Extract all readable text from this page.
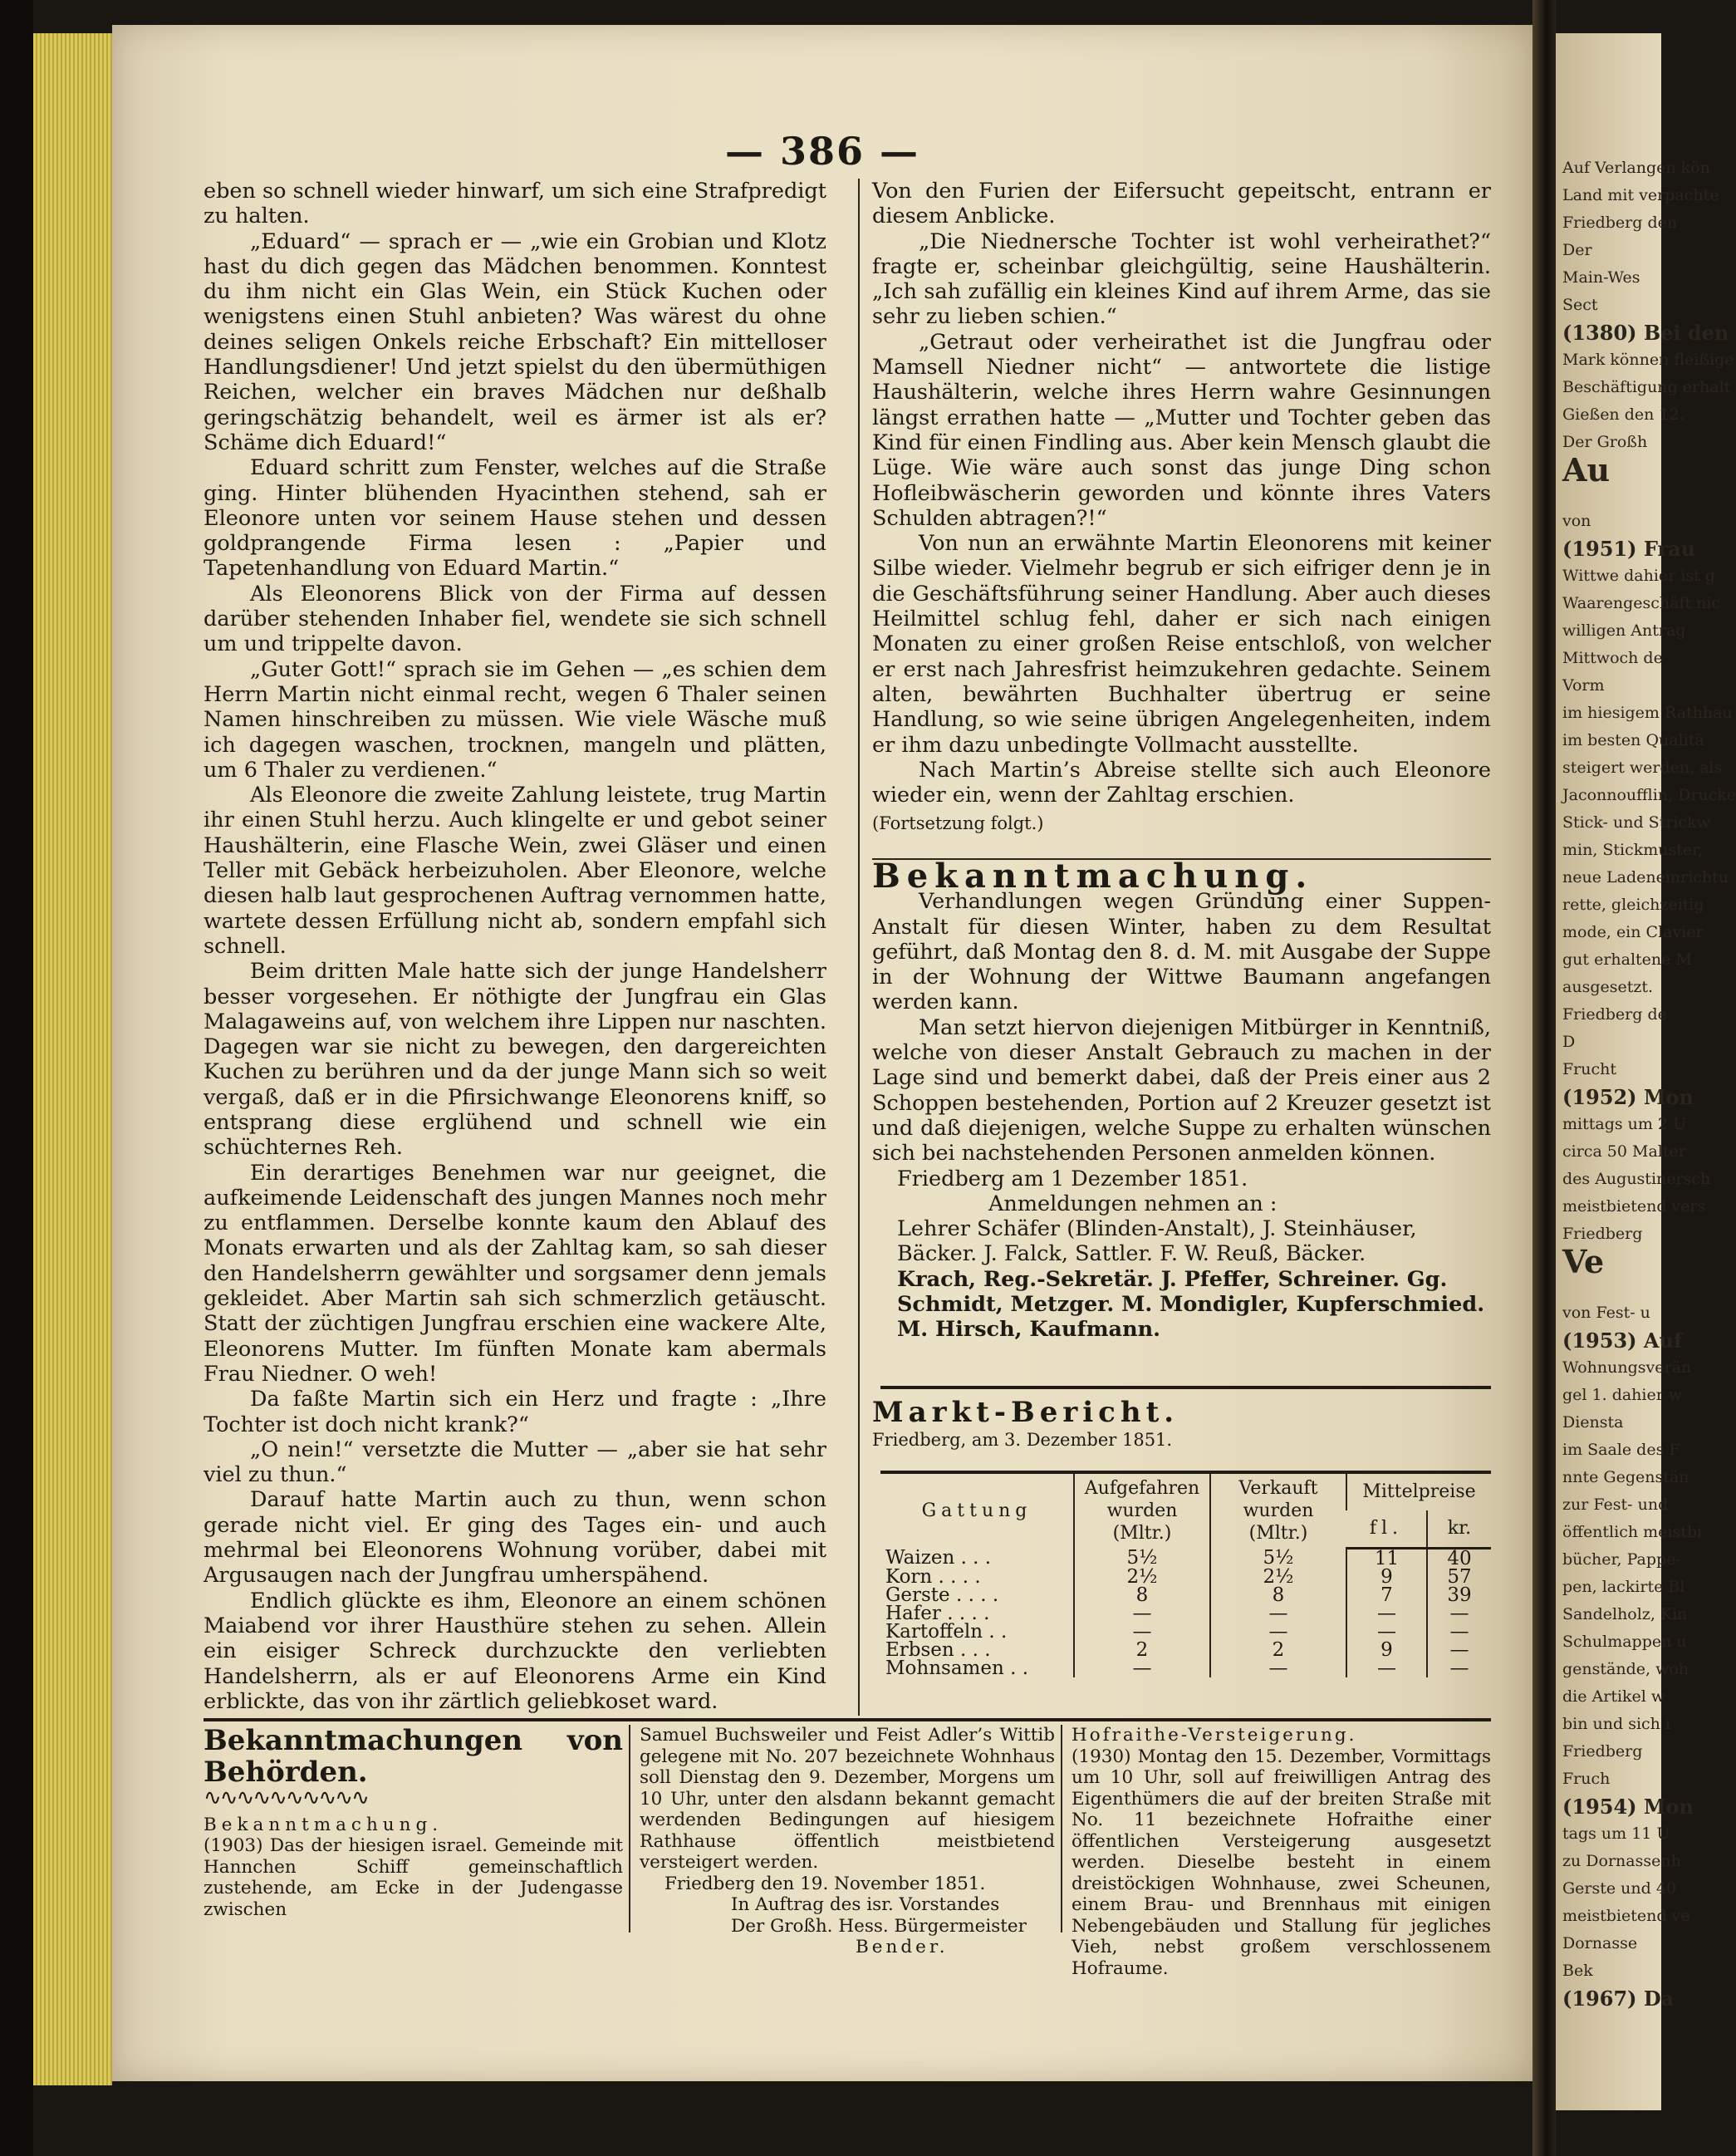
— 386 —

eben so schnell wieder hinwarf, um sich eine Strafpredigt zu halten.

„Eduard“ — sprach er — „wie ein Grobian und Klotz hast du dich gegen das Mädchen benommen. Konntest du ihm nicht ein Glas Wein, ein Stück Kuchen oder wenigstens einen Stuhl anbieten? Was wärest du ohne deines seligen Onkels reiche Erbschaft? Ein mittelloser Handlungsdiener! Und jetzt spielst du den übermüthigen Reichen, welcher ein braves Mädchen nur deßhalb geringschätzig behandelt, weil es ärmer ist als er? Schäme dich Eduard!“

Eduard schritt zum Fenster, welches auf die Straße ging. Hinter blühenden Hyacinthen stehend, sah er Eleonore unten vor seinem Hause stehen und dessen goldprangende Firma lesen : „Papier und Tapetenhandlung von Eduard Martin.“

Als Eleonorens Blick von der Firma auf dessen darüber stehenden Inhaber fiel, wendete sie sich schnell um und trippelte davon.

„Guter Gott!“ sprach sie im Gehen — „es schien dem Herrn Martin nicht einmal recht, wegen 6 Thaler seinen Namen hinschreiben zu müssen. Wie viele Wäsche muß ich dagegen waschen, trocknen, mangeln und plätten, um 6 Thaler zu verdienen.“

Als Eleonore die zweite Zahlung leistete, trug Martin ihr einen Stuhl herzu. Auch klingelte er und gebot seiner Haushälterin, eine Flasche Wein, zwei Gläser und einen Teller mit Gebäck herbeizuholen. Aber Eleonore, welche diesen halb laut gesprochenen Auftrag vernommen hatte, wartete dessen Erfüllung nicht ab, sondern empfahl sich schnell.

Beim dritten Male hatte sich der junge Handelsherr besser vorgesehen. Er nöthigte der Jungfrau ein Glas Malagaweins auf, von welchem ihre Lippen nur naschten. Dagegen war sie nicht zu bewegen, den dargereichten Kuchen zu berühren und da der junge Mann sich so weit vergaß, daß er in die Pfirsichwange Eleonorens kniff, so entsprang diese erglühend und schnell wie ein schüchternes Reh.

Ein derartiges Benehmen war nur geeignet, die aufkeimende Leidenschaft des jungen Mannes noch mehr zu entflammen. Derselbe konnte kaum den Ablauf des Monats erwarten und als der Zahltag kam, so sah dieser den Handelsherrn gewählter und sorgsamer denn jemals gekleidet. Aber Martin sah sich schmerzlich getäuscht. Statt der züchtigen Jungfrau erschien eine wackere Alte, Eleonorens Mutter. Im fünften Monate kam abermals Frau Niedner. O weh!

Da faßte Martin sich ein Herz und fragte : „Ihre Tochter ist doch nicht krank?“

„O nein!“ versetzte die Mutter — „aber sie hat sehr viel zu thun.“

Darauf hatte Martin auch zu thun, wenn schon gerade nicht viel. Er ging des Tages ein- und auch mehrmal bei Eleonorens Wohnung vorüber, dabei mit Argusaugen nach der Jungfrau umherspähend.

Endlich glückte es ihm, Eleonore an einem schönen Maiabend vor ihrer Hausthüre stehen zu sehen. Allein ein eisiger Schreck durchzuckte den verliebten Handelsherrn, als er auf Eleonorens Arme ein Kind erblickte, das von ihr zärtlich geliebkoset ward.

Von den Furien der Eifersucht gepeitscht, entrann er diesem Anblicke.

„Die Niednersche Tochter ist wohl verheirathet?“ fragte er, scheinbar gleichgültig, seine Haushälterin. „Ich sah zufällig ein kleines Kind auf ihrem Arme, das sie sehr zu lieben schien.“

„Getraut oder verheirathet ist die Jungfrau oder Mamsell Niedner nicht“ — antwortete die listige Haushälterin, welche ihres Herrn wahre Gesinnungen längst errathen hatte — „Mutter und Tochter geben das Kind für einen Findling aus. Aber kein Mensch glaubt die Lüge. Wie wäre auch sonst das junge Ding schon Hofleibwäscherin geworden und könnte ihres Vaters Schulden abtragen?!“

Von nun an erwähnte Martin Eleonorens mit keiner Silbe wieder. Vielmehr begrub er sich eifriger denn je in die Geschäftsführung seiner Handlung. Aber auch dieses Heilmittel schlug fehl, daher er sich nach einigen Monaten zu einer großen Reise entschloß, von welcher er erst nach Jahresfrist heimzukehren gedachte. Seinem alten, bewährten Buchhalter übertrug er seine Handlung, so wie seine übrigen Angelegenheiten, indem er ihm dazu unbedingte Vollmacht ausstellte.

Nach Martin’s Abreise stellte sich auch Eleonore wieder ein, wenn der Zahltag erschien.

(Fortsetzung folgt.)

Bekanntmachung.

Verhandlungen wegen Gründung einer Suppen-Anstalt für diesen Winter, haben zu dem Resultat geführt, daß Montag den 8. d. M. mit Ausgabe der Suppe in der Wohnung der Wittwe Baumann angefangen werden kann.

Man setzt hiervon diejenigen Mitbürger in Kenntniß, welche von dieser Anstalt Gebrauch zu machen in der Lage sind und bemerkt dabei, daß der Preis einer aus 2 Schoppen bestehenden, Portion auf 2 Kreuzer gesetzt ist und daß diejenigen, welche Suppe zu erhalten wünschen sich bei nachstehenden Personen anmelden können.

Friedberg am 1 Dezember 1851.

Anmeldungen nehmen an :

Lehrer Schäfer (Blinden-Anstalt), J. Steinhäuser,

Bäcker. J. Falck, Sattler. F. W. Reuß, Bäcker.

Krach, Reg.-Sekretär. J. Pfeffer, Schreiner. Gg.

Schmidt, Metzger. M. Mondigler, Kupferschmied.

M. Hirsch, Kaufmann.

Markt-Bericht.

Friedberg, am 3. Dezember 1851.

Gattung	Aufgefahren wurden (Mltr.)	Verkauft wurden (Mltr.)	Mittelpreise	
			fl.	kr.
Waizen . . .	5½	5½	11	40
Korn . . . .	2½	2½	9	57
Gerste . . . .	8	8	7	39
Hafer . . . .	—	—	—	—
Kartoffeln . .	—	—	—	—
Erbsen . . .	2	2	9	—
Mohnsamen . .	—	—	—	—

Bekanntmachungen von Behörden.

∿∿∿∿∿∿∿∿∿∿

Bekanntmachung.

(1903) Das der hiesigen israel. Gemeinde mit Hannchen Schiff gemeinschaftlich zustehende, am Ecke in der Judengasse zwischen

Samuel Buchsweiler und Feist Adler’s Wittib gelegene mit No. 207 bezeichnete Wohnhaus soll Dienstag den 9. Dezember, Morgens um 10 Uhr, unter den alsdann bekannt gemacht werdenden Bedingungen auf hiesigem Rathhause öffentlich meistbietend versteigert werden.

Friedberg den 19. November 1851.

In Auftrag des isr. Vorstandes

Der Großh. Hess. Bürgermeister

Bender.

Hofraithe-Versteigerung.

(1930) Montag den 15. Dezember, Vormittags um 10 Uhr, soll auf freiwilligen Antrag des Eigenthümers die auf der breiten Straße mit No. 11 bezeichnete Hofraithe einer öffentlichen Versteigerung ausgesetzt werden. Dieselbe besteht in einem dreistöckigen Wohnhause, zwei Scheunen, einem Brau- und Brennhaus mit einigen Nebengebäuden und Stallung für jegliches Vieh, nebst großem verschlossenem Hofraume.

Auf Verlangen kön
Land mit verpachte
Friedberg den
Der
Main-Wes
Sect
(1380) Bei den
Mark können fleißige
Beschäftigung erhalt
Gießen den 12.
Der Großh
Au
von
(1951) Frau
Wittwe dahier ist g
Waarengeschäft nic
willigen Antrag
Mittwoch de
Vorm
im hiesigem Rathhau
im besten Qualitä
steigert werden, als
Jaconnoufflin, Drucke
Stick- und Strickw
min, Stickmuster,
neue Ladeneinrichtu
rette, gleichzeitig
mode, ein Clavier
gut erhaltene M
ausgesetzt.
Friedberg de
D
Frucht
(1952) Mon
mittags um 2 U
circa 50 Malter
des Augustinersch
meistbietend vers
Friedberg
Ve
von Fest- u
(1953) Auf
Wohnungsverän
gel 1. dahier w
Diensta
im Saale des F
nnte Gegenstän
zur Fest- und
öffentlich meistbi
bücher, Pappe-
pen, lackirte Bl
Sandelholz, Kin
Schulmappen u
genstände, woh
die Artikel w
bin und sich i
Friedberg
Fruch
(1954) Mon
tags um 11 U
zu Dornassenh
Gerste und 40
meistbietend ve
Dornasse
Bek
(1967) Da
